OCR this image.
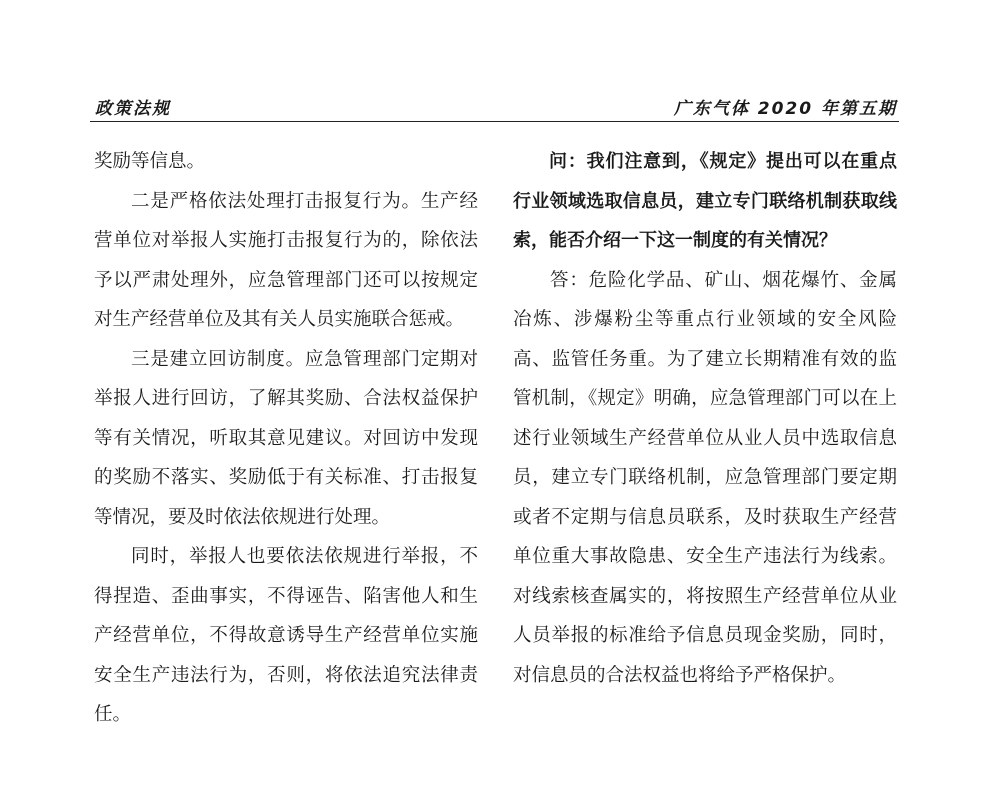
政策法规	广东气体 2020 年第五期

奖励等信息。

二是严格依法处理打击报复行为。生产经营单位对举报人实施打击报复行为的，除依法予以严肃处理外，应急管理部门还可以按规定对生产经营单位及其有关人员实施联合惩戒。

三是建立回访制度。应急管理部门定期对举报人进行回访，了解其奖励、合法权益保护等有关情况，听取其意见建议。对回访中发现的奖励不落实、奖励低于有关标准、打击报复等情况，要及时依法依规进行处理。

同时，举报人也要依法依规进行举报，不得捏造、歪曲事实，不得诬告、陷害他人和生产经营单位，不得故意诱导生产经营单位实施安全生产违法行为，否则，将依法追究法律责任。

问：我们注意到，《规定》提出可以在重点行业领域选取信息员，建立专门联络机制获取线索，能否介绍一下这一制度的有关情况？

答：危险化学品、矿山、烟花爆竹、金属冶炼、涉爆粉尘等重点行业领域的安全风险高、监管任务重。为了建立长期精准有效的监管机制，《规定》明确，应急管理部门可以在上述行业领域生产经营单位从业人员中选取信息员，建立专门联络机制，应急管理部门要定期或者不定期与信息员联系，及时获取生产经营单位重大事故隐患、安全生产违法行为线索。对线索核查属实的，将按照生产经营单位从业人员举报的标准给予信息员现金奖励，同时，对信息员的合法权益也将给予严格保护。
